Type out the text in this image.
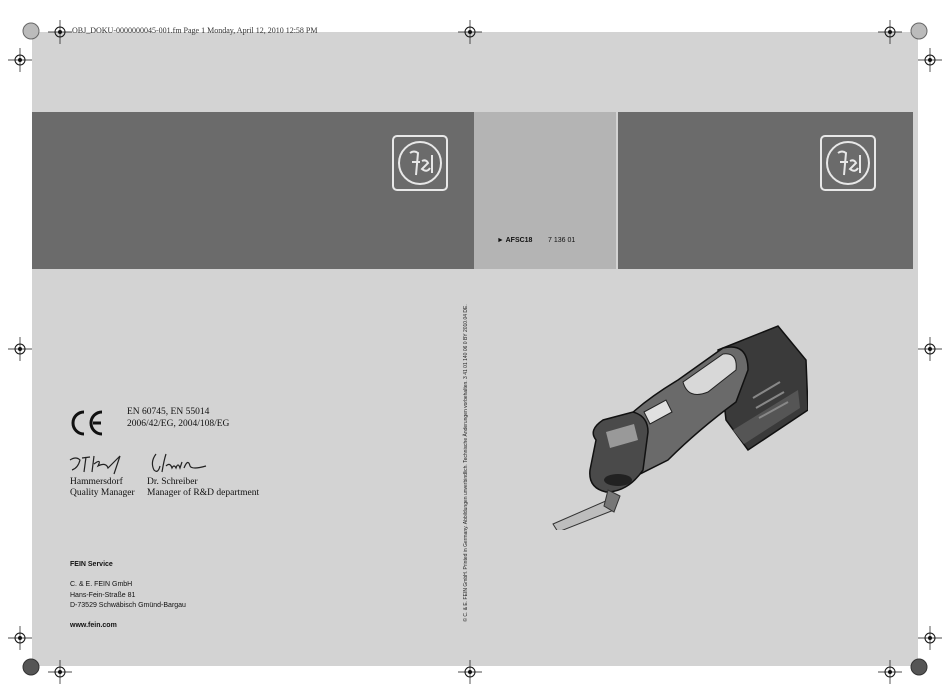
OBJ_DOKU-0000000045-001.fm Page 1 Monday, April 12, 2010 12:58 PM
► AFSC18 7 136 01
EN 60745, EN 55014
2006/42/EG, 2004/108/EG
Hammersdorf
Quality Manager
Dr. Schreiber
Manager of R&D department
FEIN Service
C. & E. FEIN GmbH
Hans-Fein-Straße 81
D-73529 Schwäbisch Gmünd-Bargau
www.fein.com
© C. & E. FEIN GmbH. Printed in Germany. Abbildungen unverbindlich. Technische Änderungen vorbehalten. 3 41 01 140 06 0 BY 2010.04 DE.
